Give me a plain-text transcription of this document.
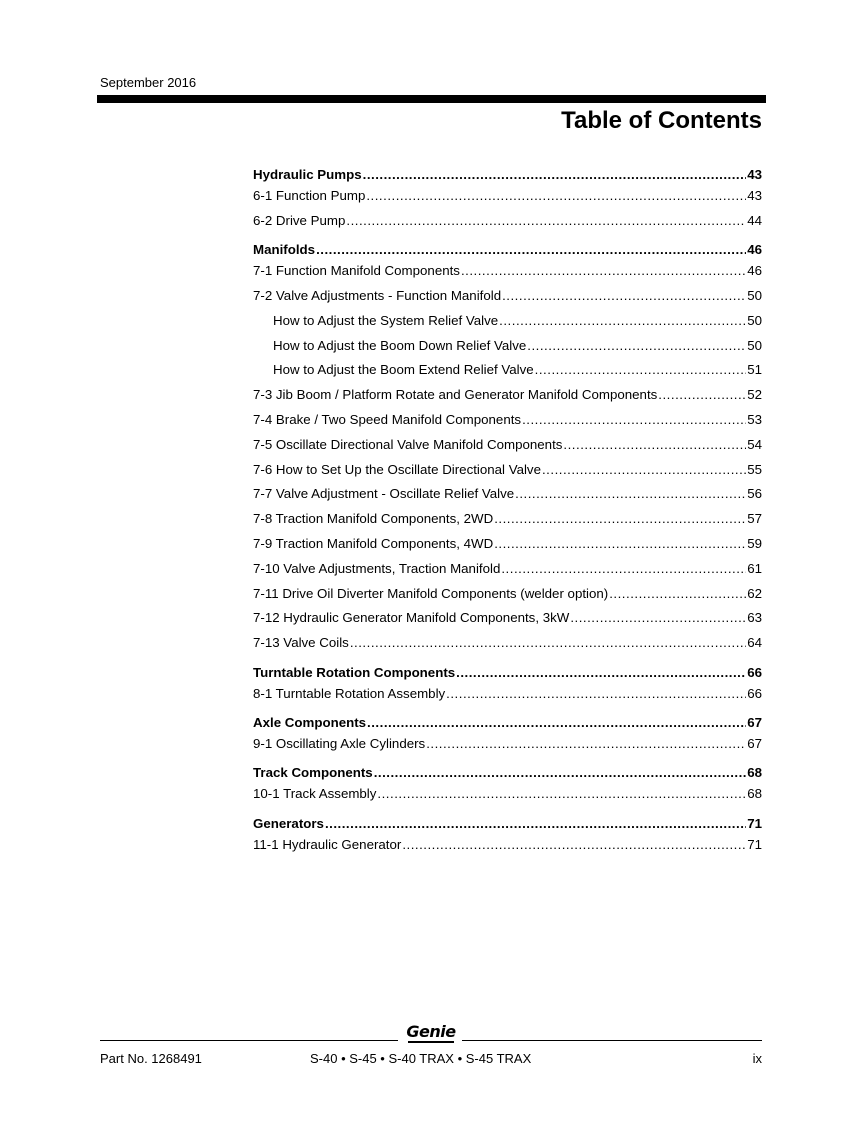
September 2016
Table of Contents
Hydraulic Pumps .....	43
6-1 Function Pump .....	43
6-2 Drive Pump .....	44
Manifolds .....	46
7-1 Function Manifold Components .....	46
7-2 Valve Adjustments - Function Manifold .....	50
How to Adjust the System Relief Valve .....	50
How to Adjust the Boom Down Relief Valve .....	50
How to Adjust the Boom Extend Relief Valve .....	51
7-3 Jib Boom / Platform Rotate and Generator Manifold Components .....	52
7-4 Brake / Two Speed Manifold Components .....	53
7-5 Oscillate Directional Valve Manifold Components .....	54
7-6 How to Set Up the Oscillate Directional Valve .....	55
7-7 Valve Adjustment - Oscillate Relief Valve .....	56
7-8 Traction Manifold Components, 2WD .....	57
7-9 Traction Manifold Components, 4WD .....	59
7-10 Valve Adjustments, Traction Manifold .....	61
7-11 Drive Oil Diverter Manifold Components (welder option) .....	62
7-12 Hydraulic Generator Manifold Components, 3kW .....	63
7-13 Valve Coils .....	64
Turntable Rotation Components .....	66
8-1 Turntable Rotation Assembly .....	66
Axle Components .....	67
9-1 Oscillating Axle Cylinders .....	67
Track Components .....	68
10-1 Track Assembly .....	68
Generators .....	71
11-1 Hydraulic Generator .....	71
Genie
Part No. 1268491	S-40 • S-45 • S-40 TRAX • S-45 TRAX	ix
